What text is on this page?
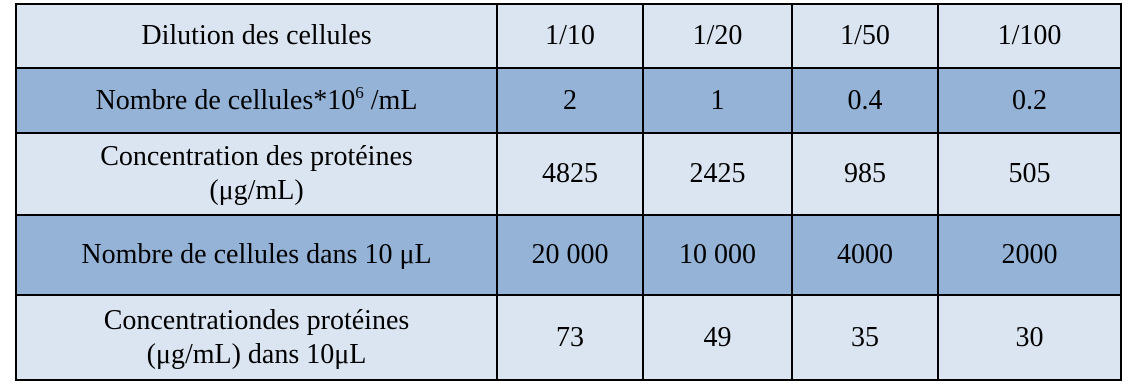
Dilution des cellules	1/10	1/20	1/50	1/100
Nombre de $cellules*10^6$ /mL	2	1	0.4	0.2
Concentration des protéines
(μg/mL)	4825	2425	985	505
Nombre de cellules dans 10 μL	20 000	10 000	4000	2000
Concentrationdes protéines
(μg/mL) dans 10μL	73	49	35	30
